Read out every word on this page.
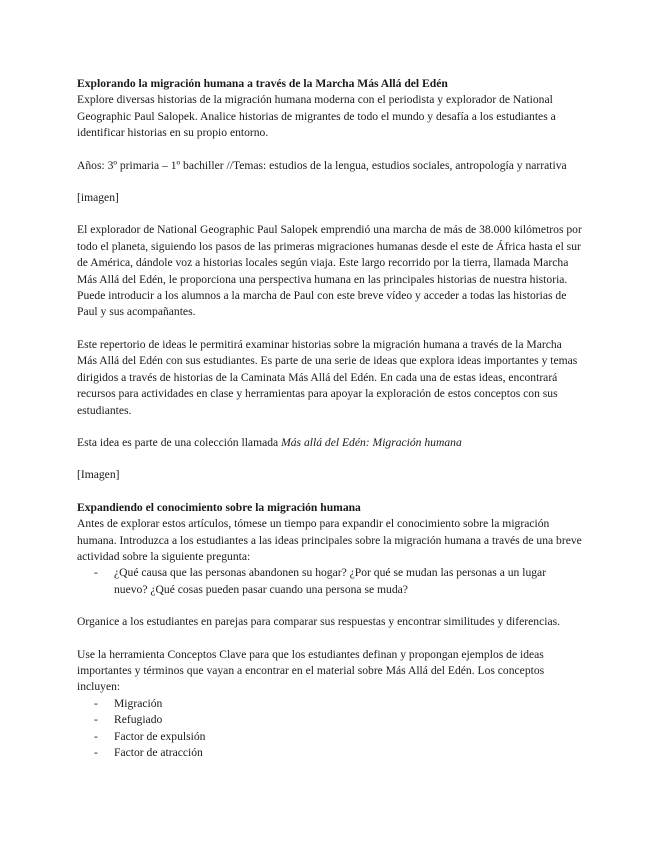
Explorando la migración humana a través de la Marcha Más Allá del Edén

Explore diversas historias de la migración humana moderna con el periodista y explorador de National Geographic Paul Salopek. Analice historias de migrantes de todo el mundo y desafía a los estudiantes a identificar historias en su propio entorno.

Años: 3º primaria – 1º bachiller //Temas: estudios de la lengua, estudios sociales, antropología y narrativa

[imagen]

El explorador de National Geographic Paul Salopek emprendió una marcha de más de 38.000 kilómetros por todo el planeta, siguiendo los pasos de las primeras migraciones humanas desde el este de África hasta el sur de América, dándole voz a historias locales según viaja. Este largo recorrido por la tierra, llamada Marcha Más Allá del Edén, le proporciona una perspectiva humana en las principales historias de nuestra historia. Puede introducir a los alumnos a la marcha de Paul con este breve vídeo y acceder a todas las historias de Paul y sus acompañantes.

Este repertorio de ideas le permitirá examinar historias sobre la migración humana a través de la Marcha Más Allá del Edén con sus estudiantes. Es parte de una serie de ideas que explora ideas importantes y temas dirigidos a través de historias de la Caminata Más Allá del Edén. En cada una de estas ideas, encontrará recursos para actividades en clase y herramientas para apoyar la exploración de estos conceptos con sus estudiantes.

Esta idea es parte de una colección llamada Más allá del Edén: Migración humana

[Imagen]

Expandiendo el conocimiento sobre la migración humana

Antes de explorar estos artículos, tómese un tiempo para expandir el conocimiento sobre la migración humana. Introduzca a los estudiantes a las ideas principales sobre la migración humana a través de una breve actividad sobre la siguiente pregunta:

- ¿Qué causa que las personas abandonen su hogar? ¿Por qué se mudan las personas a un lugar nuevo? ¿Qué cosas pueden pasar cuando una persona se muda?

Organice a los estudiantes en parejas para comparar sus respuestas y encontrar similitudes y diferencias.

Use la herramienta Conceptos Clave para que los estudiantes definan y propongan ejemplos de ideas importantes y términos que vayan a encontrar en el material sobre Más Allá del Edén. Los conceptos incluyen:

- Migración
- Refugiado
- Factor de expulsión
- Factor de atracción
